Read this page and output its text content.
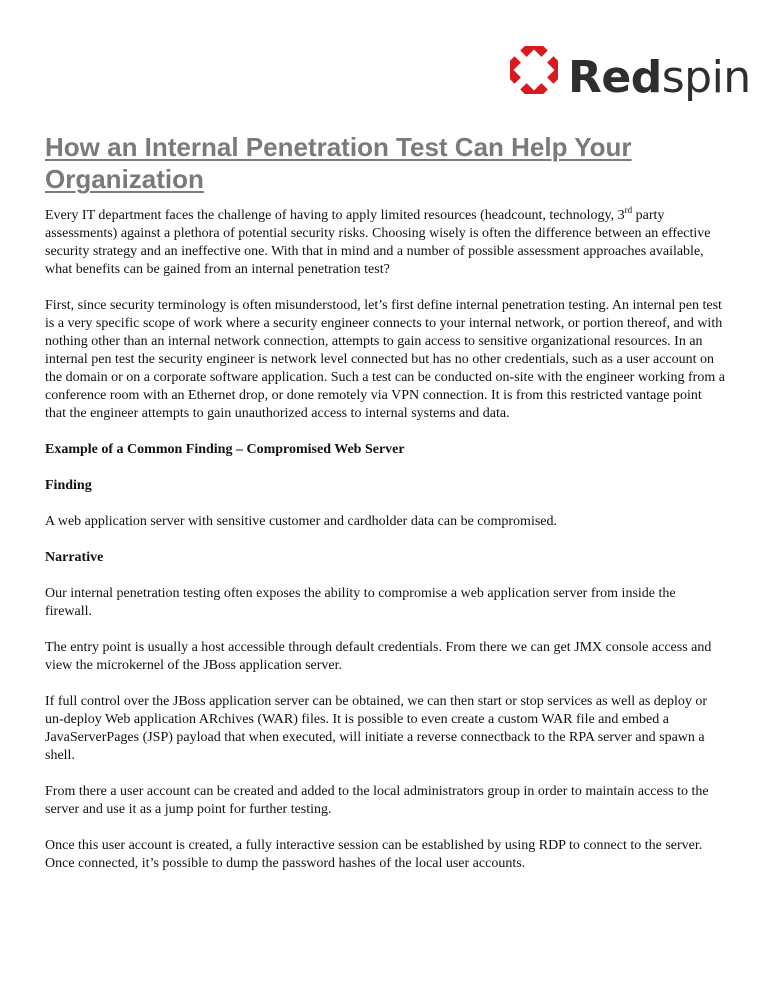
Redspin
How an Internal Penetration Test Can Help Your Organization

Every IT department faces the challenge of having to apply limited resources (headcount, technology, 3rd party assessments) against a plethora of potential security risks. Choosing wisely is often the difference between an effective security strategy and an ineffective one. With that in mind and a number of possible assessment approaches available, what benefits can be gained from an internal penetration test?

First, since security terminology is often misunderstood, let’s first define internal penetration testing. An internal pen test is a very specific scope of work where a security engineer connects to your internal network, or portion thereof, and with nothing other than an internal network connection, attempts to gain access to sensitive organizational resources. In an internal pen test the security engineer is network level connected but has no other credentials, such as a user account on the domain or on a corporate software application. Such a test can be conducted on-site with the engineer working from a conference room with an Ethernet drop, or done remotely via VPN connection. It is from this restricted vantage point that the engineer attempts to gain unauthorized access to internal systems and data.

Example of a Common Finding – Compromised Web Server

Finding

A web application server with sensitive customer and cardholder data can be compromised.

Narrative

Our internal penetration testing often exposes the ability to compromise a web application server from inside the firewall.

The entry point is usually a host accessible through default credentials. From there we can get JMX console access and view the microkernel of the JBoss application server.

If full control over the JBoss application server can be obtained, we can then start or stop services as well as deploy or un-deploy Web application ARchives (WAR) files. It is possible to even create a custom WAR file and embed a JavaServerPages (JSP) payload that when executed, will initiate a reverse connectback to the RPA server and spawn a shell.

From there a user account can be created and added to the local administrators group in order to maintain access to the server and use it as a jump point for further testing.

Once this user account is created, a fully interactive session can be established by using RDP to connect to the server. Once connected, it’s possible to dump the password hashes of the local user accounts.
